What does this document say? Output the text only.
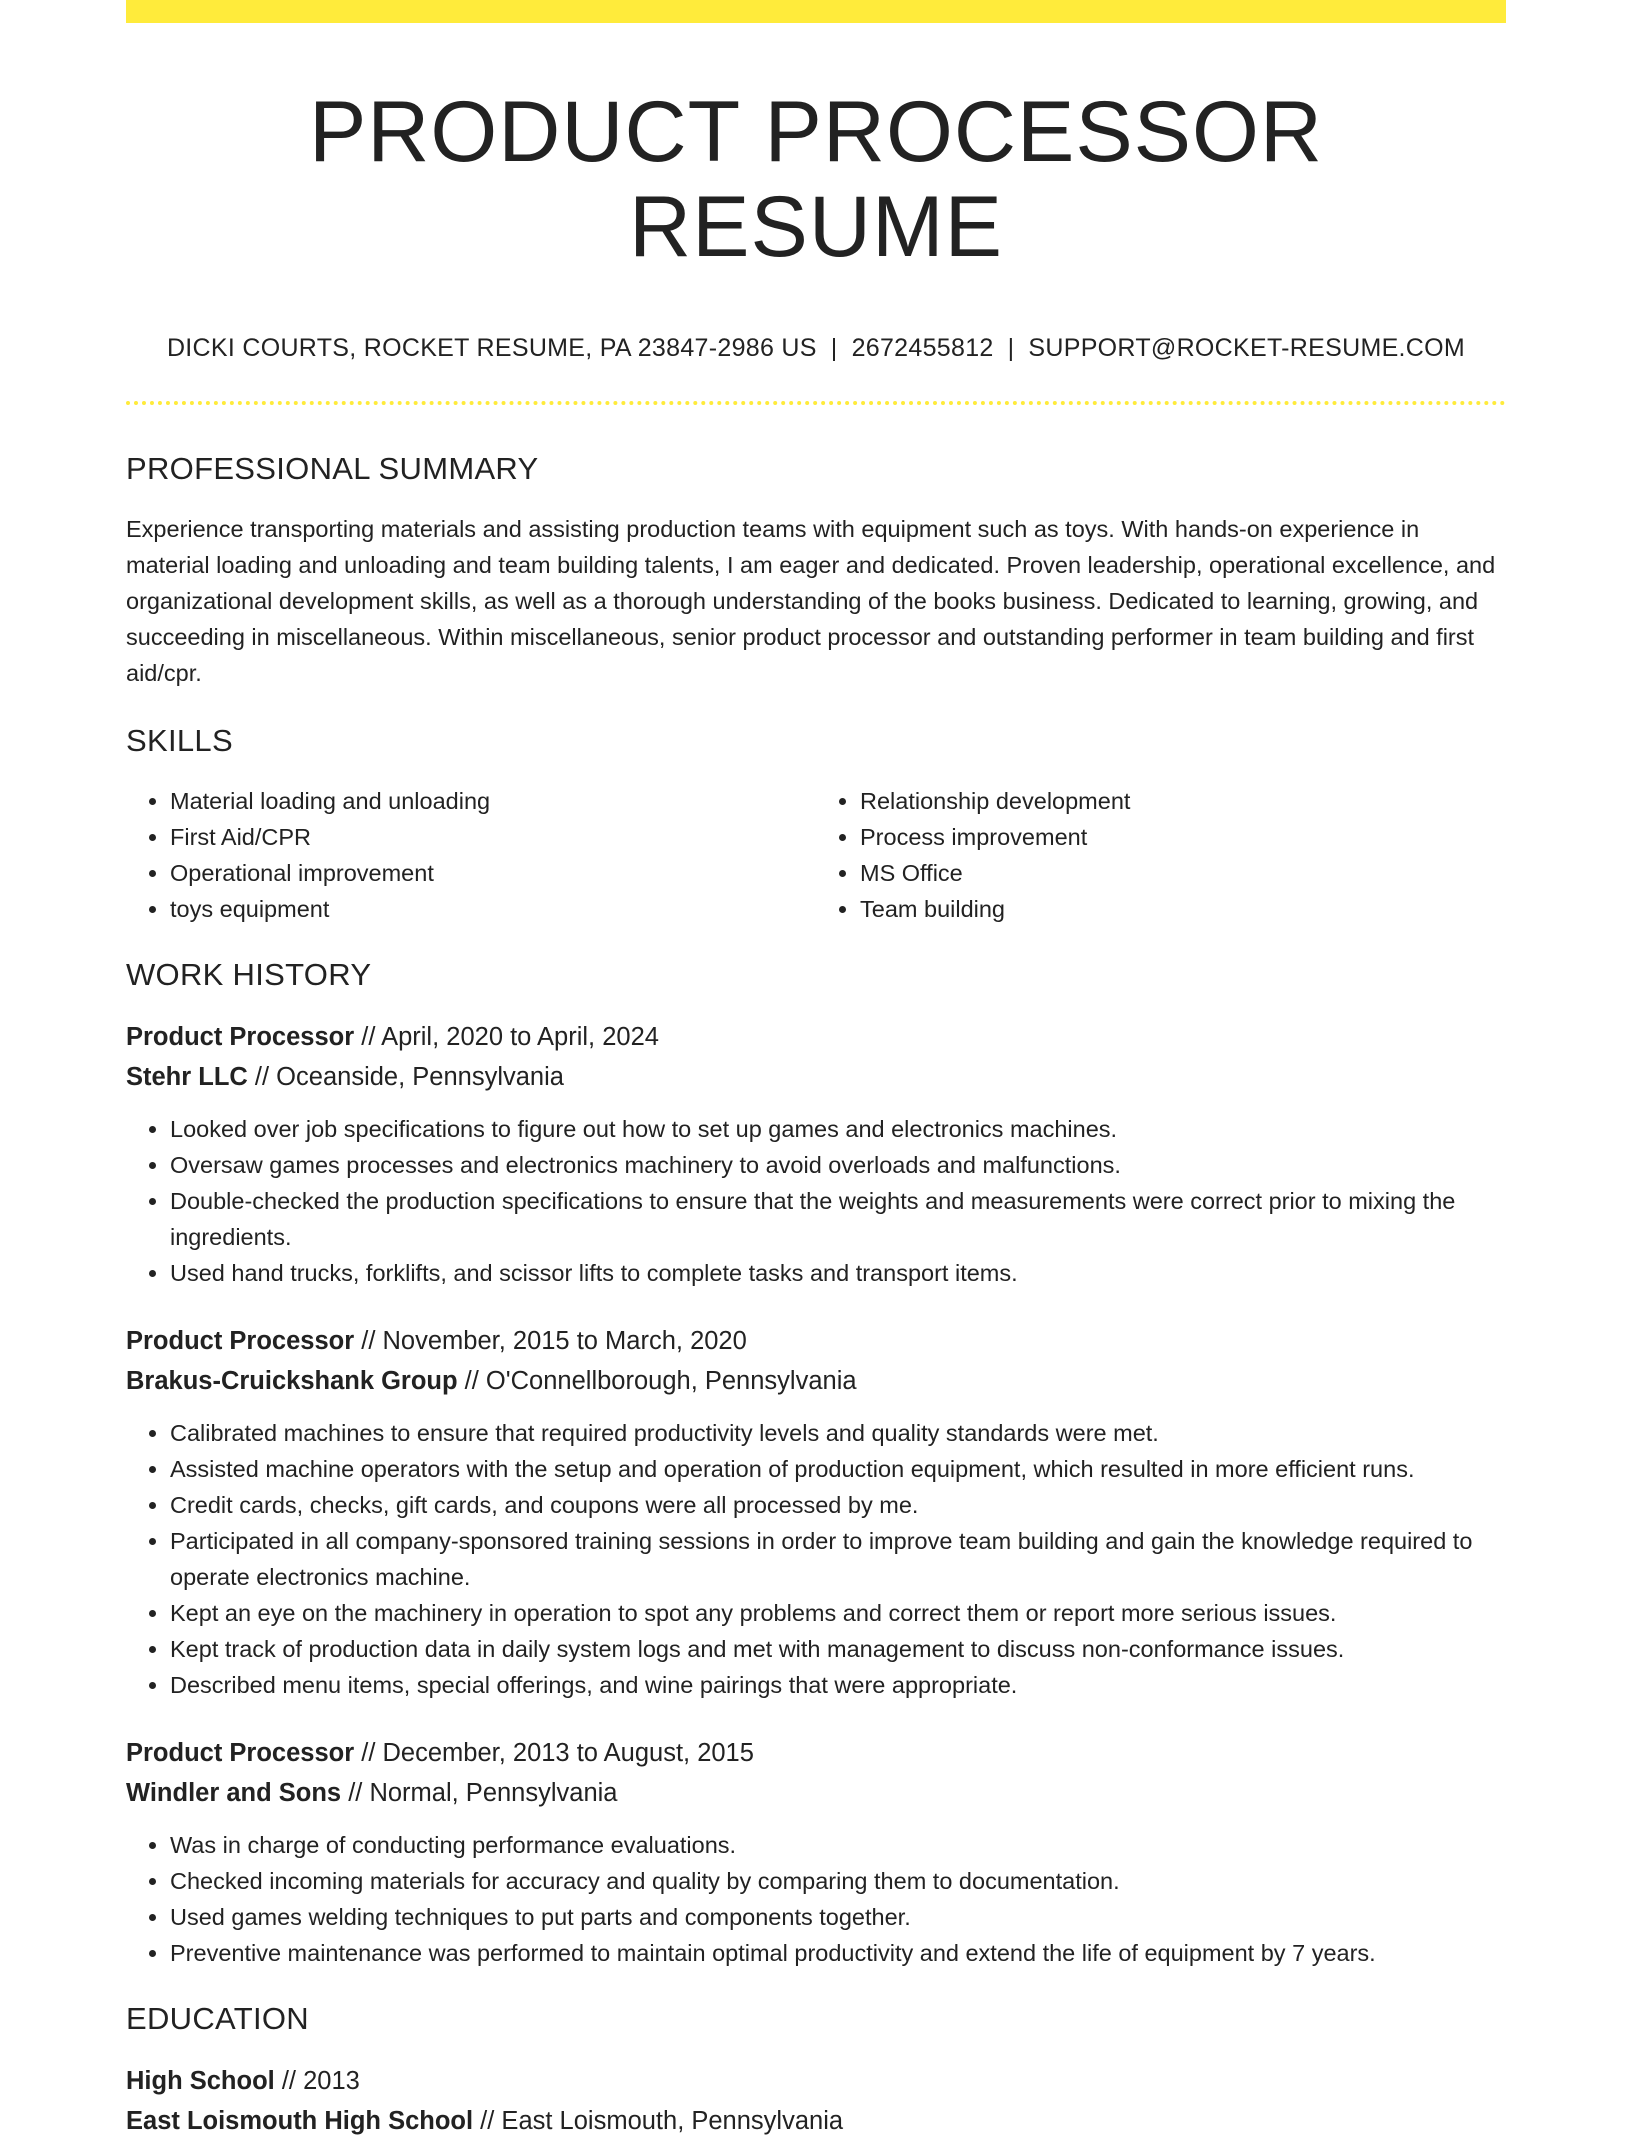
PRODUCT PROCESSOR RESUME
DICKI COURTS, ROCKET RESUME, PA 23847-2986 US | 2672455812 | SUPPORT@ROCKET-RESUME.COM
PROFESSIONAL SUMMARY

Experience transporting materials and assisting production teams with equipment such as toys. With hands-on experience in material loading and unloading and team building talents, I am eager and dedicated. Proven leadership, operational excellence, and organizational development skills, as well as a thorough understanding of the books business. Dedicated to learning, growing, and succeeding in miscellaneous. Within miscellaneous, senior product processor and outstanding performer in team building and first aid/cpr.

SKILLS
• Material loading and unloading
• First Aid/CPR
• Operational improvement
• toys equipment
• Relationship development
• Process improvement
• MS Office
• Team building
WORK HISTORY
Product Processor // April, 2020 to April, 2024
Stehr LLC // Oceanside, Pennsylvania
• Looked over job specifications to figure out how to set up games and electronics machines.
• Oversaw games processes and electronics machinery to avoid overloads and malfunctions.
• Double-checked the production specifications to ensure that the weights and measurements were correct prior to mixing the ingredients.
• Used hand trucks, forklifts, and scissor lifts to complete tasks and transport items.
Product Processor // November, 2015 to March, 2020
Brakus-Cruickshank Group // O'Connellborough, Pennsylvania
• Calibrated machines to ensure that required productivity levels and quality standards were met.
• Assisted machine operators with the setup and operation of production equipment, which resulted in more efficient runs.
• Credit cards, checks, gift cards, and coupons were all processed by me.
• Participated in all company-sponsored training sessions in order to improve team building and gain the knowledge required to operate electronics machine.
• Kept an eye on the machinery in operation to spot any problems and correct them or report more serious issues.
• Kept track of production data in daily system logs and met with management to discuss non-conformance issues.
• Described menu items, special offerings, and wine pairings that were appropriate.
Product Processor // December, 2013 to August, 2015
Windler and Sons // Normal, Pennsylvania
• Was in charge of conducting performance evaluations.
• Checked incoming materials for accuracy and quality by comparing them to documentation.
• Used games welding techniques to put parts and components together.
• Preventive maintenance was performed to maintain optimal productivity and extend the life of equipment by 7 years.
EDUCATION
High School // 2013
East Loismouth High School // East Loismouth, Pennsylvania
